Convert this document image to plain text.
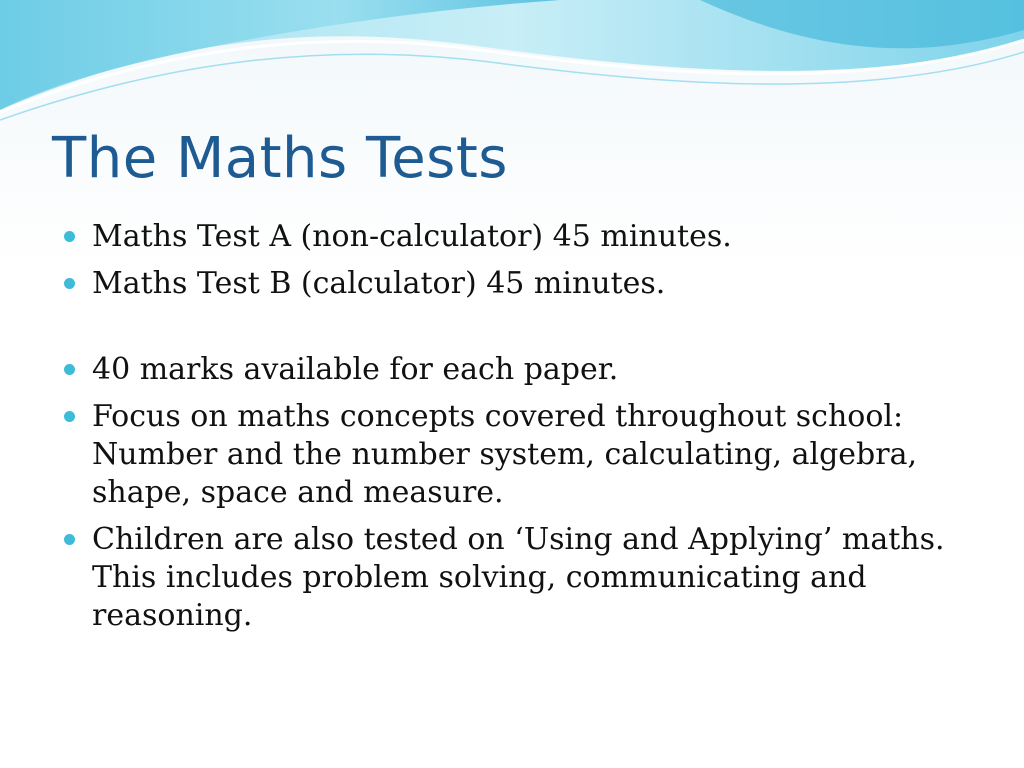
The Maths Tests
Maths Test A (non-calculator) 45 minutes.
Maths Test B (calculator) 45 minutes.
40 marks available for each paper.
Focus on maths concepts covered throughout school: Number and the number system, calculating, algebra, shape, space and measure.
Children are also tested on ‘Using and Applying’ maths. This includes problem solving, communicating and reasoning.
